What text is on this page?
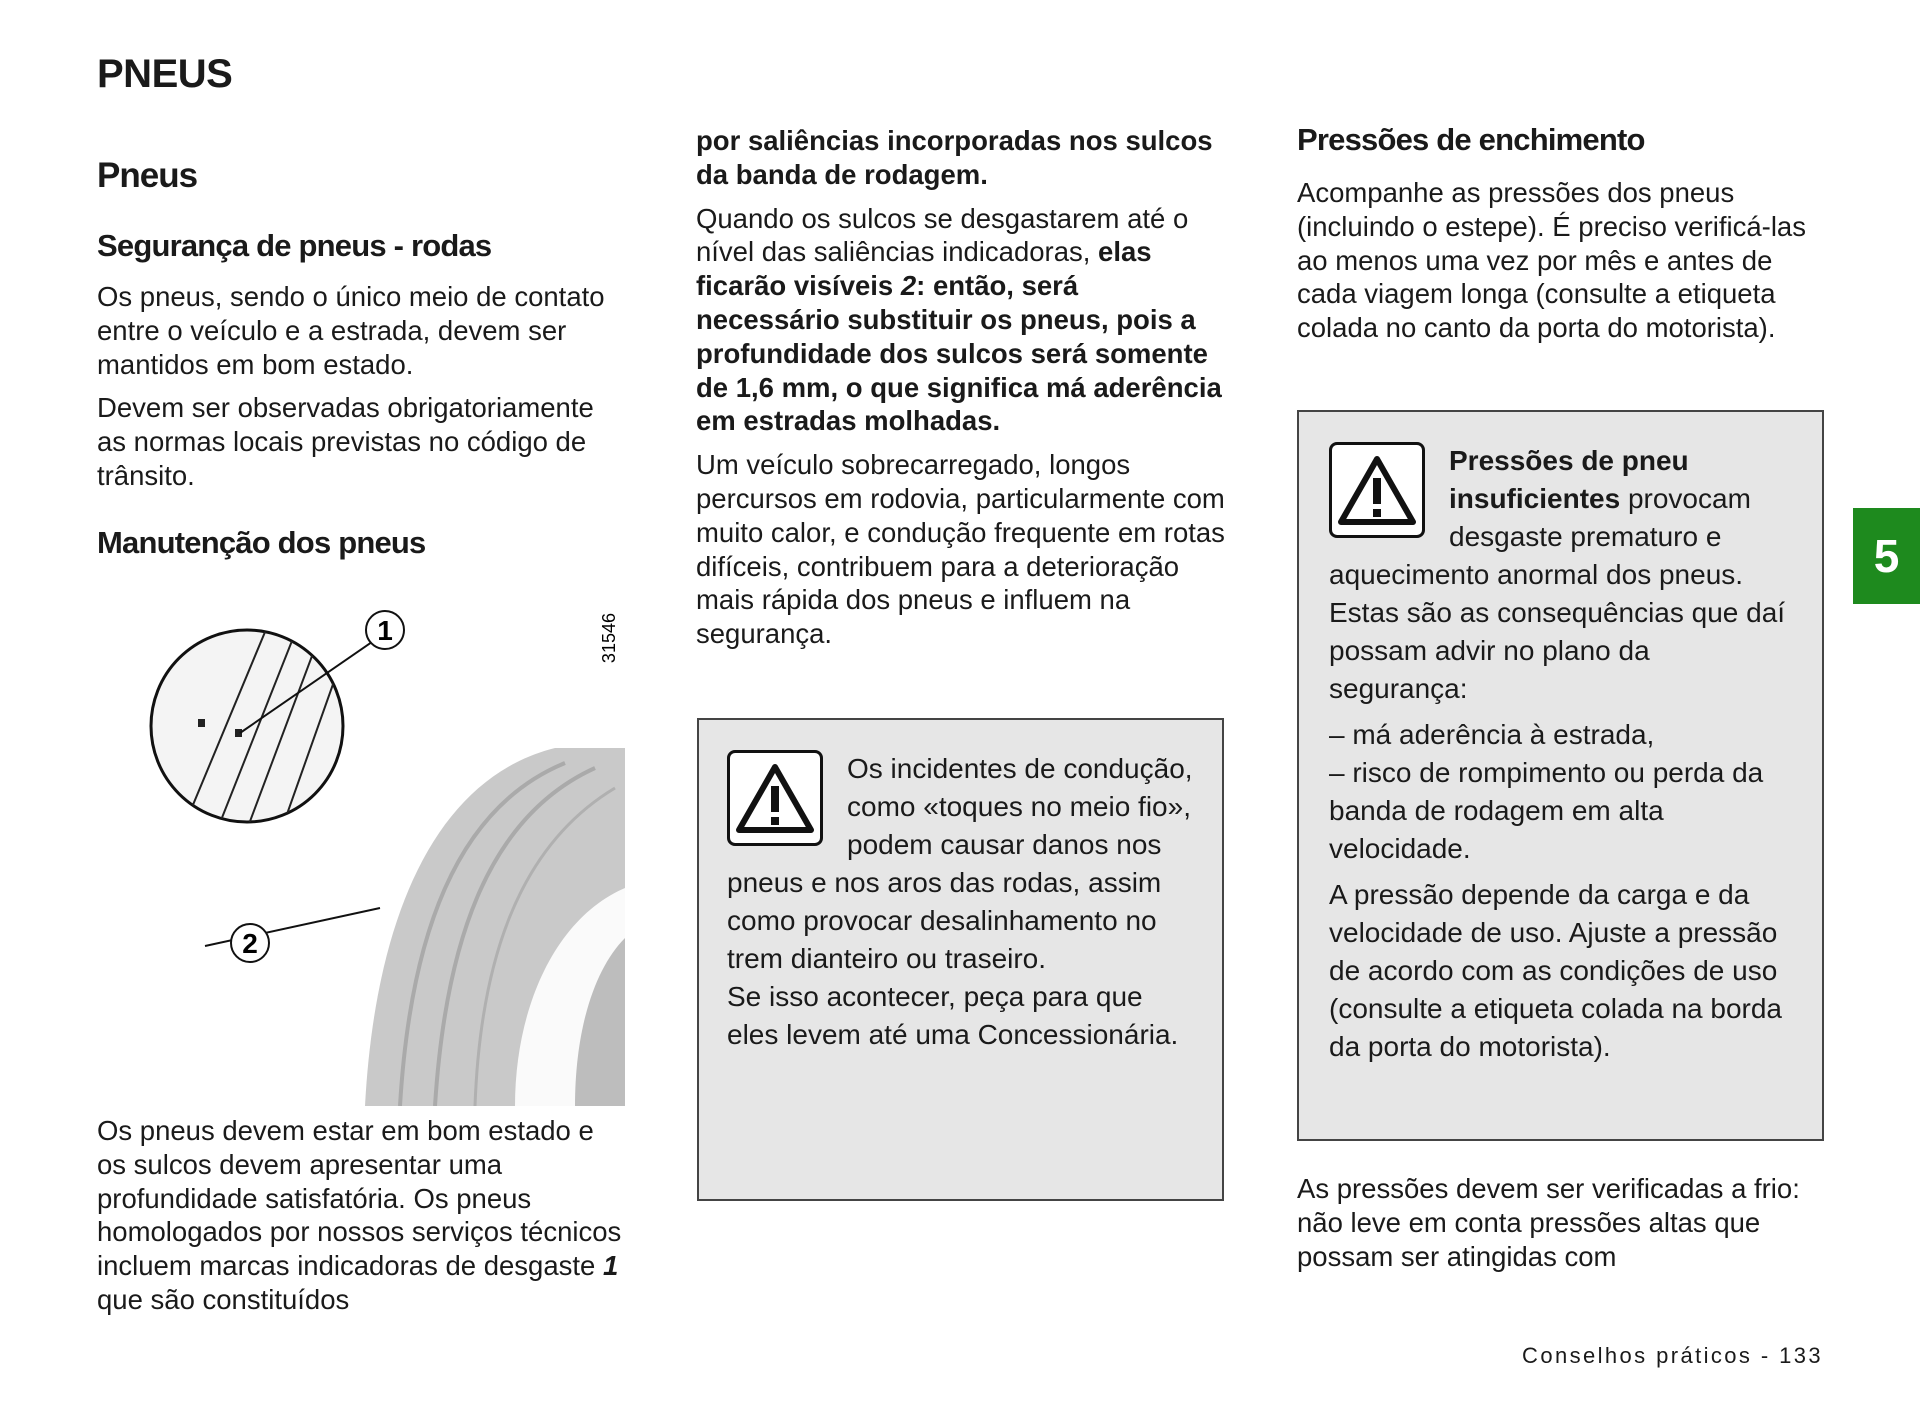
PNEUS
Pneus
Segurança de pneus - rodas

Os pneus, sendo o único meio de contato entre o veículo e a estrada, devem ser mantidos em bom estado.

Devem ser observadas obrigatoriamente as normas locais previstas no código de trânsito.

Manutenção dos pneus
1
2
31546

Os pneus devem estar em bom estado e os sulcos devem apresentar uma profundidade satisfatória. Os pneus homologados por nossos serviços técnicos incluem marcas indicadoras de desgaste 1 que são constituídos

por saliências incorporadas nos sulcos da banda de rodagem.

Quando os sulcos se desgastarem até o nível das saliências indicadoras, elas ficarão visíveis 2: então, será necessário substituir os pneus, pois a profundidade dos sulcos será somente de 1,6 mm, o que significa má aderência em estradas molhadas.

Um veículo sobrecarregado, longos percursos em rodovia, particularmente com muito calor, e condução frequente em rotas difíceis, contribuem para a deterioração mais rápida dos pneus e influem na segurança.

Os incidentes de condução, como «toques no meio fio», podem causar danos nos pneus e nos aros das rodas, assim como provocar desalinhamento no trem dianteiro ou traseiro.

Se isso acontecer, peça para que eles levem até uma Concessionária.

Pressões de enchimento

Acompanhe as pressões dos pneus (incluindo o estepe). É preciso verificá-las ao menos uma vez por mês e antes de cada viagem longa (consulte a etiqueta colada no canto da porta do motorista).

Pressões de pneu insuficientes provocam desgaste prematuro e aquecimento anormal dos pneus. Estas são as consequências que daí possam advir no plano da segurança:

– má aderência à estrada,

– risco de rompimento ou perda da banda de rodagem em alta velocidade.

A pressão depende da carga e da velocidade de uso. Ajuste a pressão de acordo com as condições de uso (consulte a etiqueta colada na borda da porta do motorista).

As pressões devem ser verificadas a frio: não leve em conta pressões altas que possam ser atingidas com

5
Conselhos práticos - 133
